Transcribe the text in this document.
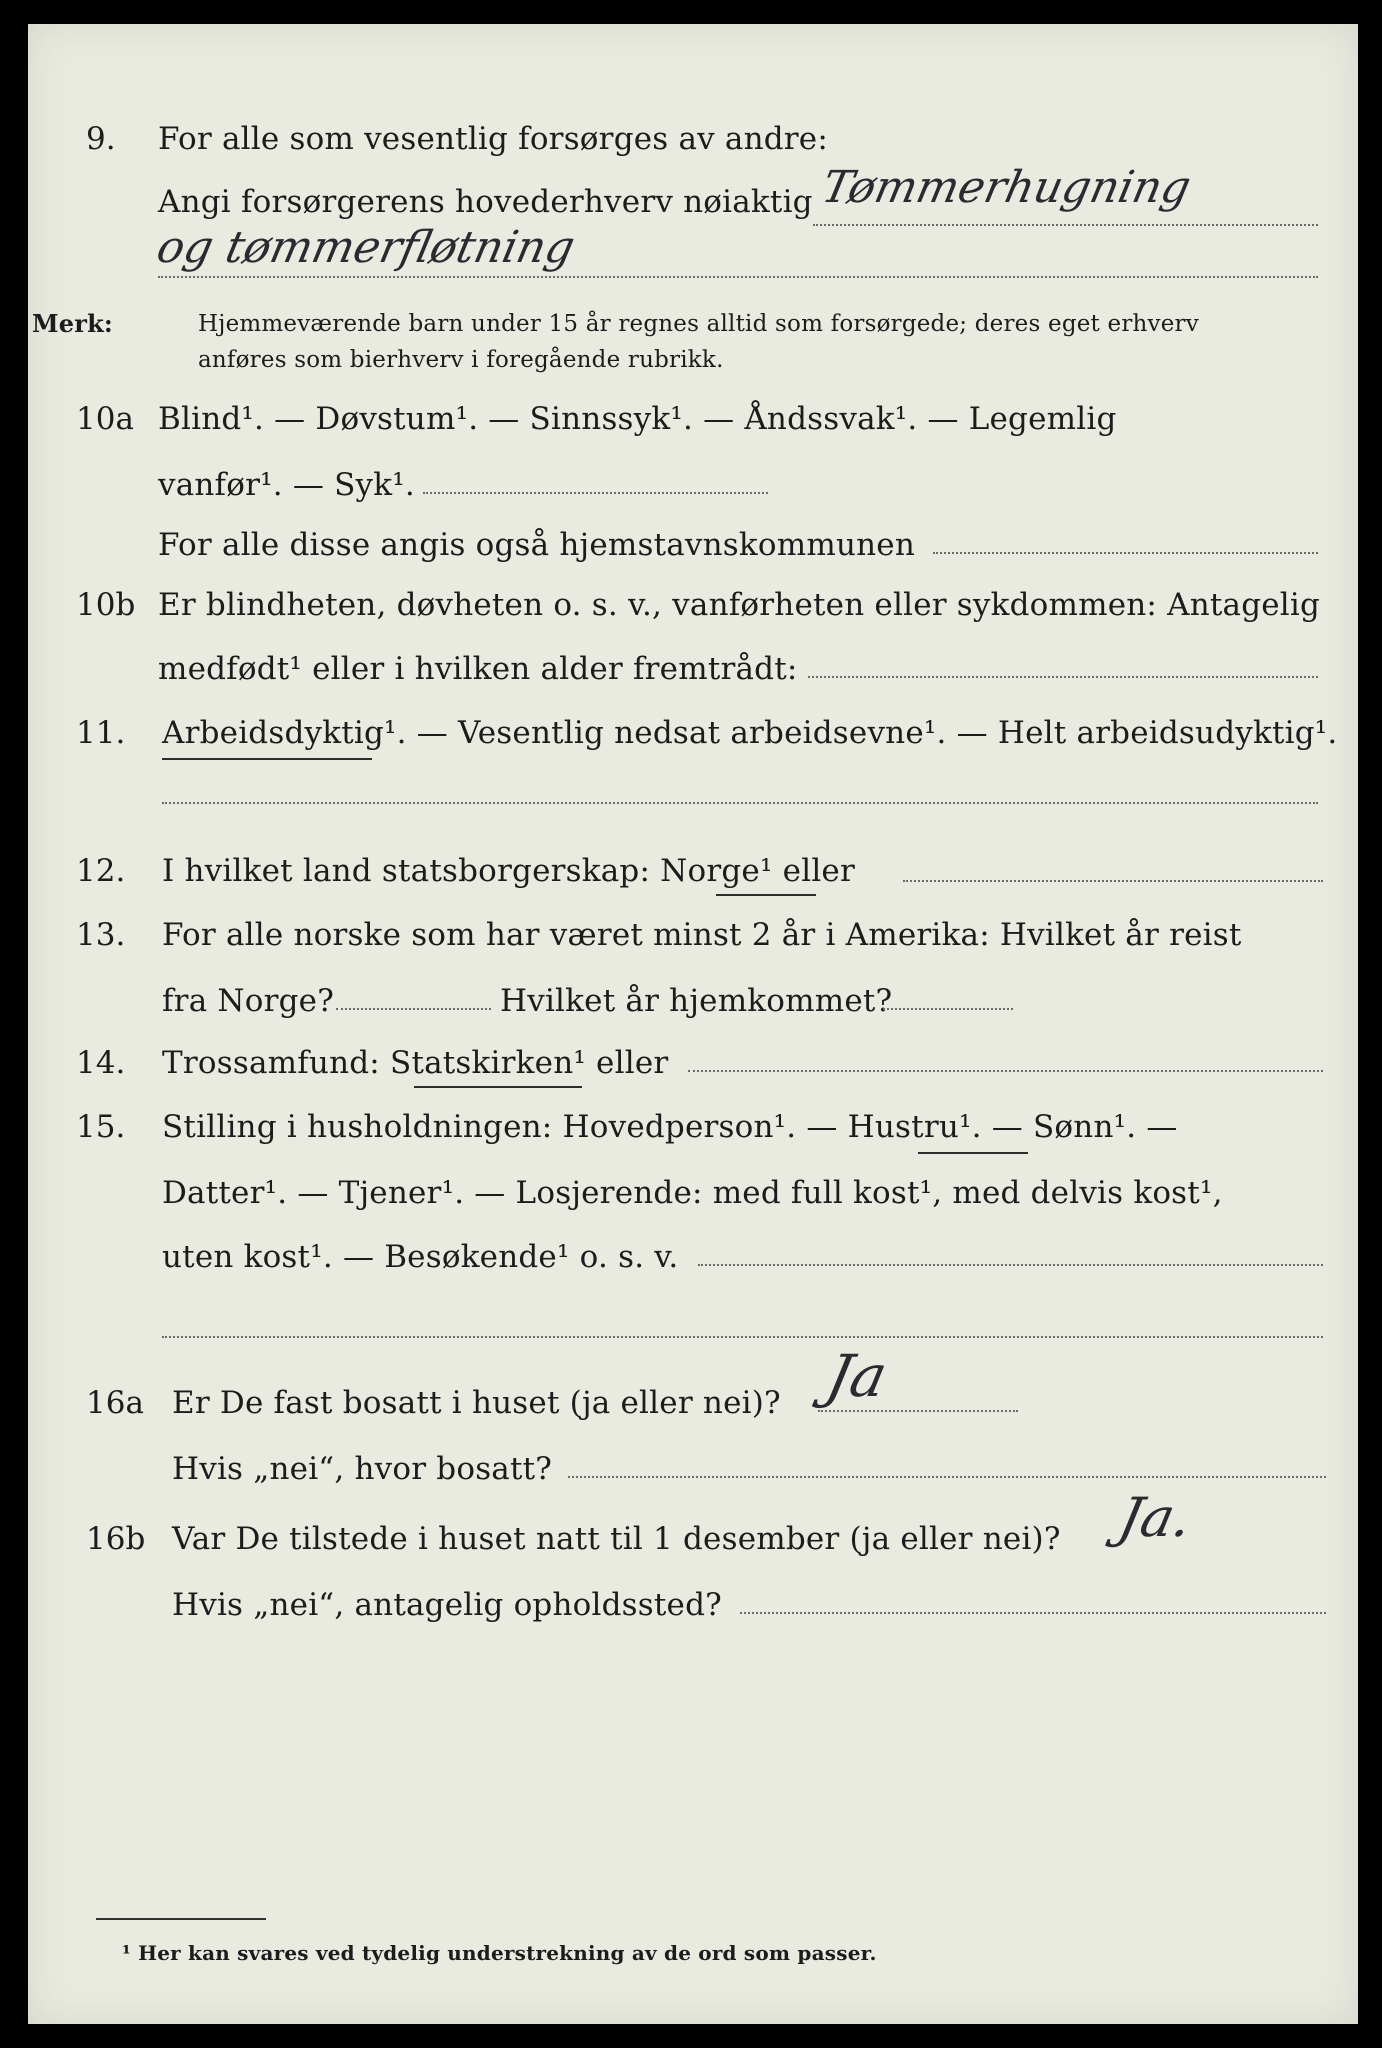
9.	For alle som vesentlig forsørges av andre:
Angi forsørgerens hovederhverv nøiaktig Tømmerhugning
og tømmerfløtning
Merk:	Hjemmeværende barn under 15 år regnes alltid som forsørgede; deres eget erhverv
anføres som bierhverv i foregående rubrikk.
10a Blind¹. — Døvstum¹. — Sinnssyk¹. — Åndssvak¹. — Legemlig
vanfør¹. — Syk¹.
For alle disse angis også hjemstavnskommunen
10b Er blindheten, døvheten o. s. v., vanførheten eller sykdommen: Antagelig
medfødt¹ eller i hvilken alder fremtrådt:
11.	Arbeidsdyktig¹. — Vesentlig nedsat arbeidsevne¹. — Helt arbeidsudyktig¹.
12.	I hvilket land statsborgerskap: Norge¹ eller
13.	For alle norske som har været minst 2 år i Amerika: Hvilket år reist
fra Norge?	Hvilket år hjemkommet?
14.	Trossamfund: Statskirken¹ eller
15.	Stilling i husholdningen: Hovedperson¹. — Hustru¹. — Sønn¹. —
Datter¹. — Tjener¹. — Losjerende: med full kost¹, med delvis kost¹,
uten kost¹. — Besøkende¹ o. s. v.
16a Er De fast bosatt i huset (ja eller nei)? Ja
Hvis „nei“, hvor bosatt?
16b Var De tilstede i huset natt til 1 desember (ja eller nei)? Ja.
Hvis „nei“, antagelig opholdssted?
¹ Her kan svares ved tydelig understrekning av de ord som passer.
